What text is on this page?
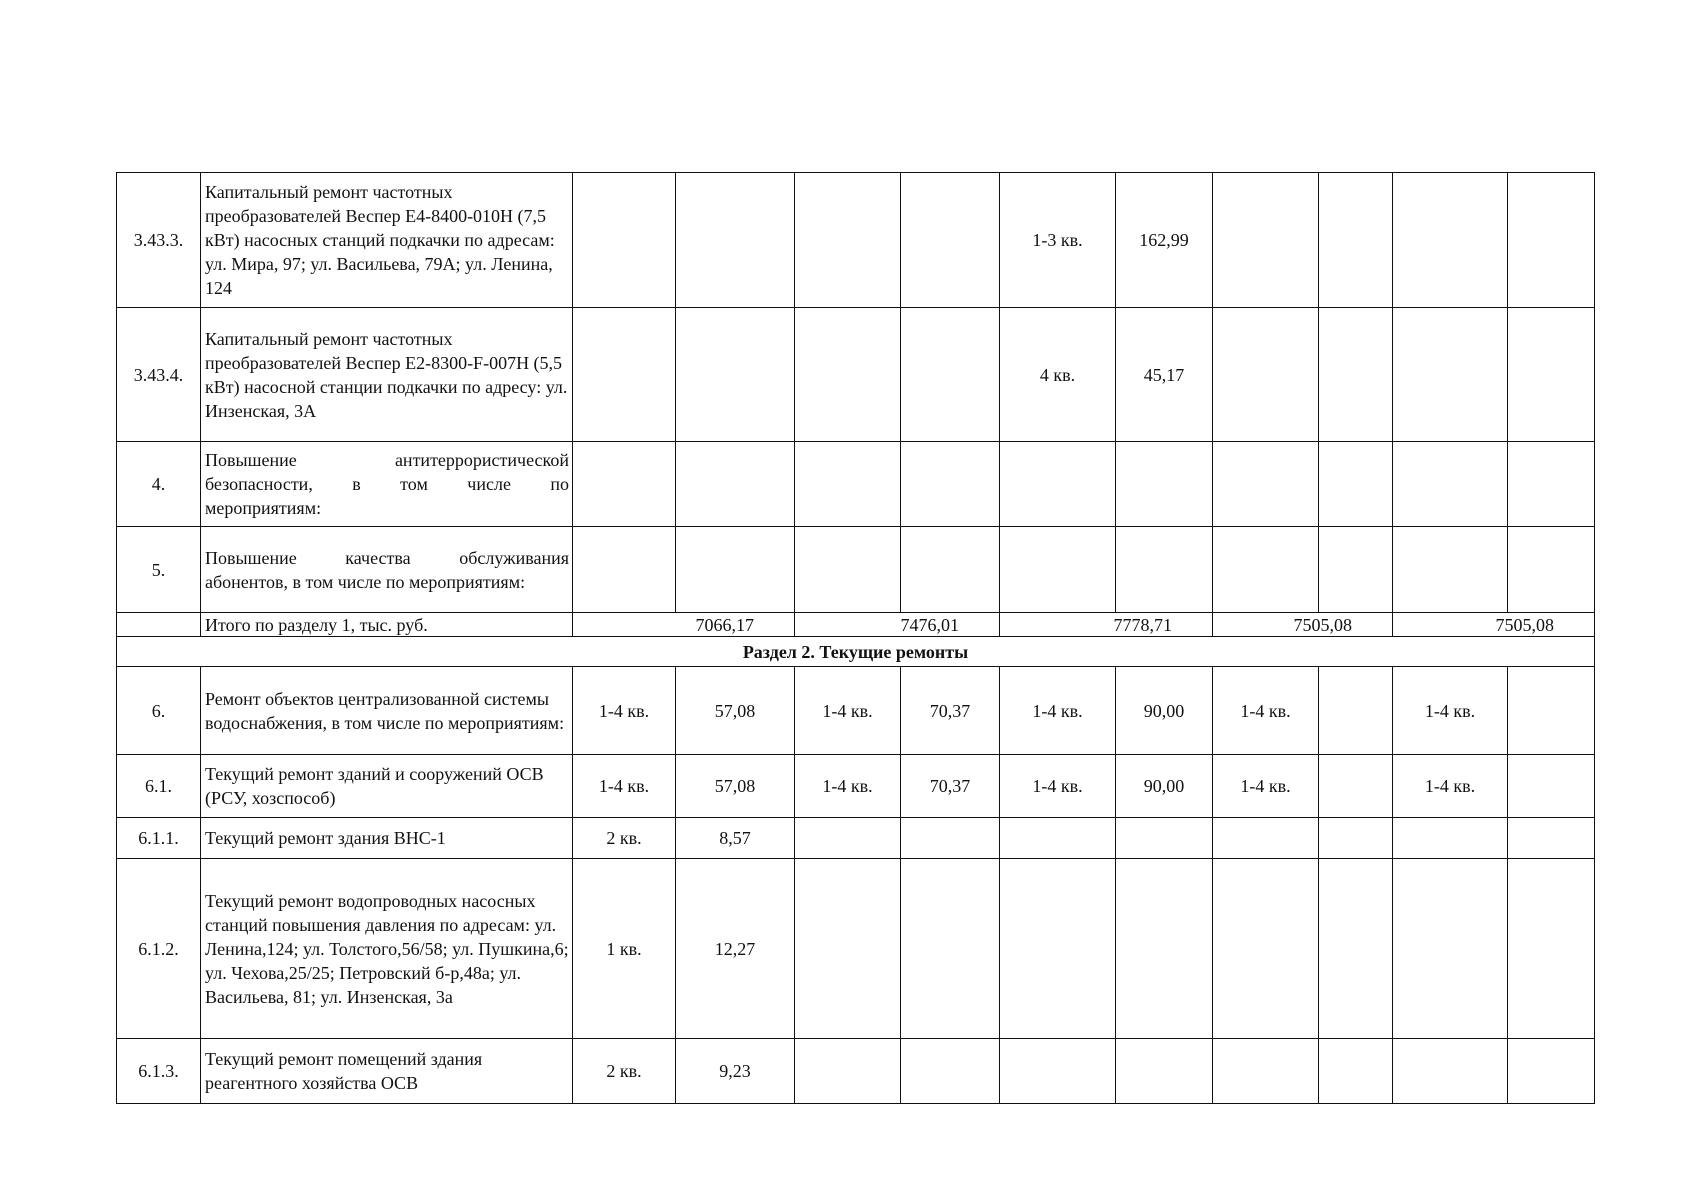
3.43.3.	Капитальный ремонт частотных преобразователей Веспер Е4-8400-010Н (7,5 кВт) насосных станций подкачки по адресам: ул. Мира, 97; ул. Васильева, 79А; ул. Ленина, 124					1-3 кв.	162,99				
3.43.4.	Капитальный ремонт частотных преобразователей Веспер Е2-8300-F-007Н (5,5 кВт) насосной станции подкачки по адресу: ул. Инзенская, 3А					4 кв.	45,17				
4.	Повышение антитеррористической
безопасности, в том числе по
мероприятиям:										

5.	Повышение качества обслуживания
абонентов, в том числе по мероприятиям:										

	Итого по разделу 1, тыс. руб.	7066,17		7476,01		7778,71		7505,08		7505,08	
Раздел 2. Текущие ремонты											
6.	Ремонт объектов централизованной системы водоснабжения, в том числе по мероприятиям:	1-4 кв.	57,08	1-4 кв.	70,37	1-4 кв.	90,00	1-4 кв.		1-4 кв.	
6.1.	Текущий ремонт зданий и сооружений ОСВ (РСУ, хозспособ)	1-4 кв.	57,08	1-4 кв.	70,37	1-4 кв.	90,00	1-4 кв.		1-4 кв.	
6.1.1.	Текущий ремонт здания ВНС-1	2 кв.	8,57								
6.1.2.	Текущий ремонт водопроводных насосных станций повышения давления по адресам: ул. Ленина,124; ул. Толстого,56/58; ул. Пушкина,6; ул. Чехова,25/25; Петровский б-р,48а; ул. Васильева, 81; ул. Инзенская, 3а	1 кв.	12,27								
6.1.3.	Текущий ремонт помещений здания реагентного хозяйства ОСВ	2 кв.	9,23								
